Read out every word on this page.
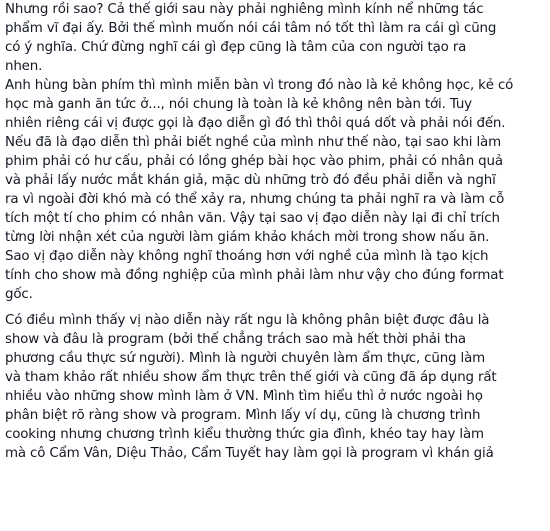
Nhưng rồi sao? Cả thế giới sau này phải nghiêng mình kính nể những tác
phẩm vĩ đại ấy. Bởi thế mình muốn nói cái tâm nó tốt thì làm ra cái gì cũng
có ý nghĩa. Chứ đừng nghĩ cái gì đẹp cũng là tâm của con người tạo ra
nhen.
Anh hùng bàn phím thì mình miễn bàn vì trong đó nào là kẻ không học, kẻ có
học mà ganh ăn tức ở..., nói chung là toàn là kẻ không nên bàn tới. Tuy
nhiên riêng cái vị được gọi là đạo diễn gì đó thì thôi quá dốt và phải nói đến.
Nếu đã là đạo diễn thì phải biết nghề của mình như thế nào, tại sao khi làm
phim phải có hư cấu, phải có lồng ghép bài học vào phim, phải có nhân quả
và phải lấy nước mắt khán giả, mặc dù những trò đó đều phải diễn và nghĩ
ra vì ngoài đời khó mà có thể xảy ra, nhưng chúng ta phải nghĩ ra và làm cỗ
tích một tí cho phim có nhân văn. Vậy tại sao vị đạo diễn này lại đi chỉ trích
từng lời nhận xét của người làm giám khảo khách mời trong show nấu ăn.
Sao vị đạo diễn này không nghĩ thoáng hơn với nghề của mình là tạo kịch
tính cho show mà đồng nghiệp của mình phải làm như vậy cho đúng format
gốc.
Có điều mình thấy vị nào diễn này rất ngu là không phân biệt được đâu là
show và đâu là program (bởi thế chẳng trách sao mà hết thời phải tha
phương cầu thực sứ người). Mình là người chuyên làm ẩm thực, cũng làm
và tham khảo rất nhiều show ẩm thực trên thế giới và cũng đã áp dụng rất
nhiều vào những show mình làm ở VN. Mình tìm hiểu thì ở nước ngoài họ
phân biệt rõ ràng show và program. Mình lấy ví dụ, cũng là chương trình
cooking nhưng chương trình kiểu thường thức gia đình, khéo tay hay làm
mà cô Cẩm Vân, Diệu Thảo, Cẩm Tuyết hay làm gọi là program vì khán giả
